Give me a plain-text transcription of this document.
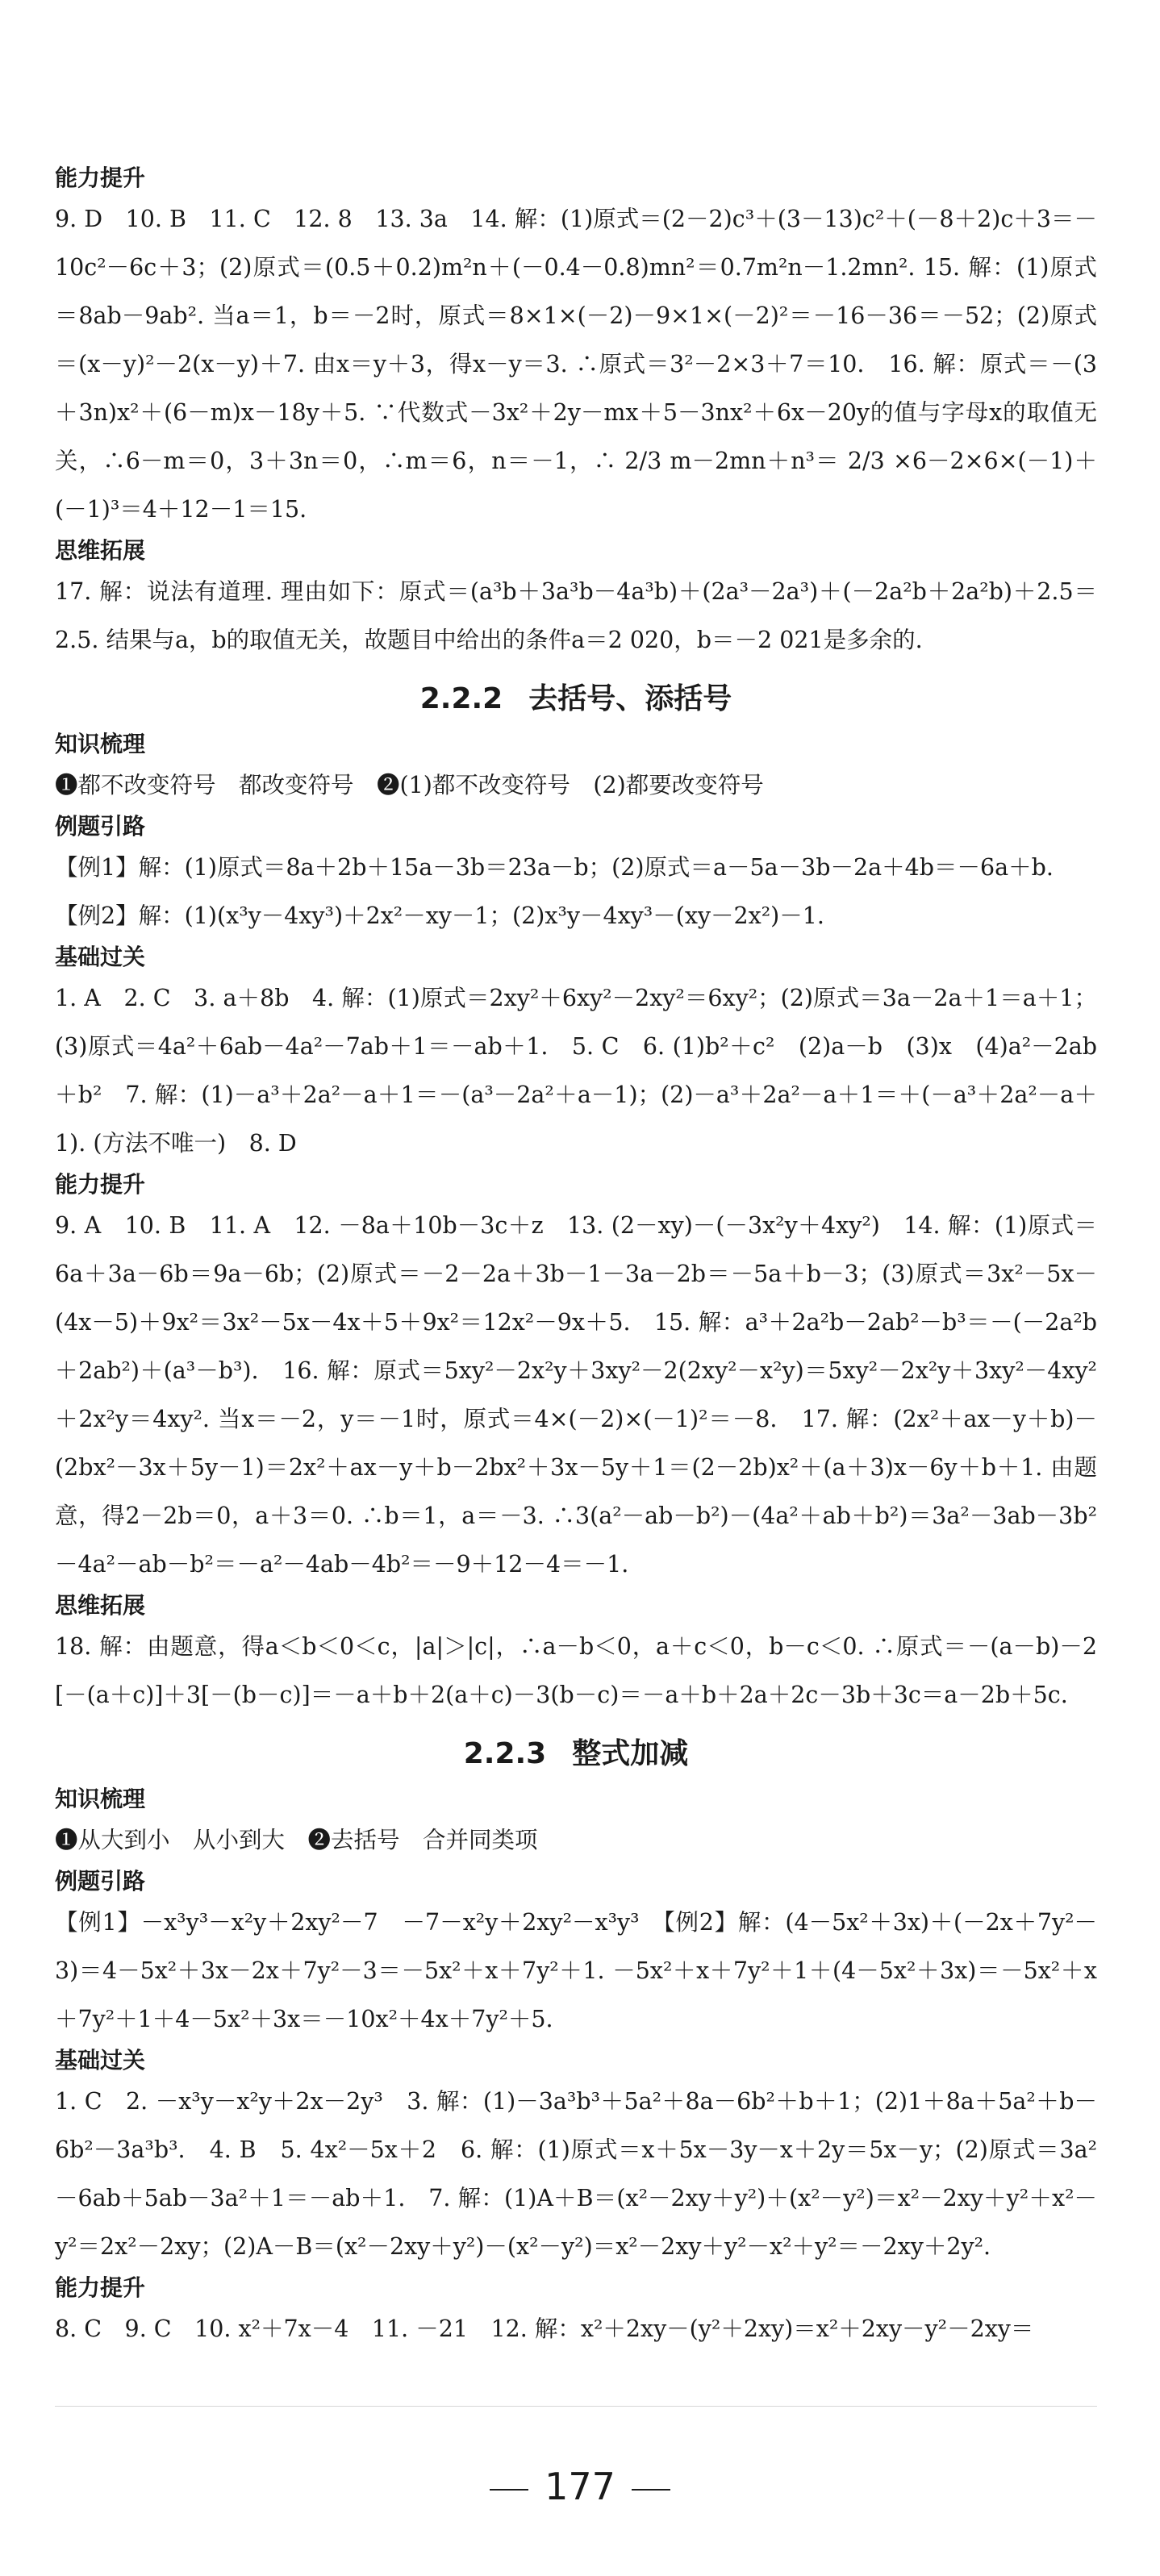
能力提升

9. D　10. B　11. C　12. 8　13. 3a　14. 解：(1)原式＝(2－2)c³＋(3－13)c²＋(－8＋2)c＋3＝－10c²－6c＋3；(2)原式＝(0.5＋0.2)m²n＋(－0.4－0.8)mn²＝0.7m²n－1.2mn². 15. 解：(1)原式＝8ab－9ab². 当a＝1，b＝－2时，原式＝8×1×(－2)－9×1×(－2)²＝－16－36＝－52；(2)原式＝(x－y)²－2(x－y)＋7. 由x＝y＋3，得x－y＝3. ∴原式＝3²－2×3＋7＝10.　16. 解：原式＝－(3＋3n)x²＋(6－m)x－18y＋5. ∵代数式－3x²＋2y－mx＋5－3nx²＋6x－20y的值与字母x的取值无关，∴6－m＝0，3＋3n＝0，∴m＝6，n＝－1，∴ 2/3 m－2mn＋n³＝ 2/3 ×6－2×6×(－1)＋(－1)³＝4＋12－1＝15.

思维拓展

17. 解：说法有道理. 理由如下：原式＝(a³b＋3a³b－4a³b)＋(2a³－2a³)＋(－2a²b＋2a²b)＋2.5＝2.5. 结果与a，b的取值无关，故题目中给出的条件a＝2 020，b＝－2 021是多余的.

2.2.2 去括号、添括号
知识梳理

❶都不改变符号　都改变符号　❷(1)都不改变符号　(2)都要改变符号

例题引路

【例1】解：(1)原式＝8a＋2b＋15a－3b＝23a－b；(2)原式＝a－5a－3b－2a＋4b＝－6a＋b.

【例2】解：(1)(x³y－4xy³)＋2x²－xy－1；(2)x³y－4xy³－(xy－2x²)－1.

基础过关

1. A　2. C　3. a＋8b　4. 解：(1)原式＝2xy²＋6xy²－2xy²＝6xy²；(2)原式＝3a－2a＋1＝a＋1；(3)原式＝4a²＋6ab－4a²－7ab＋1＝－ab＋1.　5. C　6. (1)b²＋c²　(2)a－b　(3)x　(4)a²－2ab＋b²　7. 解：(1)－a³＋2a²－a＋1＝－(a³－2a²＋a－1)；(2)－a³＋2a²－a＋1＝＋(－a³＋2a²－a＋1). (方法不唯一)　8. D

能力提升

9. A　10. B　11. A　12. －8a＋10b－3c＋z　13. (2－xy)－(－3x²y＋4xy²)　14. 解：(1)原式＝6a＋3a－6b＝9a－6b；(2)原式＝－2－2a＋3b－1－3a－2b＝－5a＋b－3；(3)原式＝3x²－5x－(4x－5)＋9x²＝3x²－5x－4x＋5＋9x²＝12x²－9x＋5.　15. 解：a³＋2a²b－2ab²－b³＝－(－2a²b＋2ab²)＋(a³－b³).　16. 解：原式＝5xy²－2x²y＋3xy²－2(2xy²－x²y)＝5xy²－2x²y＋3xy²－4xy²＋2x²y＝4xy². 当x＝－2，y＝－1时，原式＝4×(－2)×(－1)²＝－8.　17. 解：(2x²＋ax－y＋b)－(2bx²－3x＋5y－1)＝2x²＋ax－y＋b－2bx²＋3x－5y＋1＝(2－2b)x²＋(a＋3)x－6y＋b＋1. 由题意，得2－2b＝0，a＋3＝0. ∴b＝1，a＝－3. ∴3(a²－ab－b²)－(4a²＋ab＋b²)＝3a²－3ab－3b²－4a²－ab－b²＝－a²－4ab－4b²＝－9＋12－4＝－1.

思维拓展

18. 解：由题意，得a＜b＜0＜c，|a|＞|c|，∴a－b＜0，a＋c＜0，b－c＜0. ∴原式＝－(a－b)－2[－(a＋c)]＋3[－(b－c)]＝－a＋b＋2(a＋c)－3(b－c)＝－a＋b＋2a＋2c－3b＋3c＝a－2b＋5c.

2.2.3 整式加减
知识梳理

❶从大到小　从小到大　❷去括号　合并同类项

例题引路

【例1】－x³y³－x²y＋2xy²－7　－7－x²y＋2xy²－x³y³　【例2】解：(4－5x²＋3x)＋(－2x＋7y²－3)＝4－5x²＋3x－2x＋7y²－3＝－5x²＋x＋7y²＋1. －5x²＋x＋7y²＋1＋(4－5x²＋3x)＝－5x²＋x＋7y²＋1＋4－5x²＋3x＝－10x²＋4x＋7y²＋5.

基础过关

1. C　2. －x³y－x²y＋2x－2y³　3. 解：(1)－3a³b³＋5a²＋8a－6b²＋b＋1；(2)1＋8a＋5a²＋b－6b²－3a³b³.　4. B　5. 4x²－5x＋2　6. 解：(1)原式＝x＋5x－3y－x＋2y＝5x－y；(2)原式＝3a²－6ab＋5ab－3a²＋1＝－ab＋1.　7. 解：(1)A＋B＝(x²－2xy＋y²)＋(x²－y²)＝x²－2xy＋y²＋x²－y²＝2x²－2xy；(2)A－B＝(x²－2xy＋y²)－(x²－y²)＝x²－2xy＋y²－x²＋y²＝－2xy＋2y².

能力提升

8. C　9. C　10. x²＋7x－4　11. －21　12. 解：x²＋2xy－(y²＋2xy)＝x²＋2xy－y²－2xy＝

177
